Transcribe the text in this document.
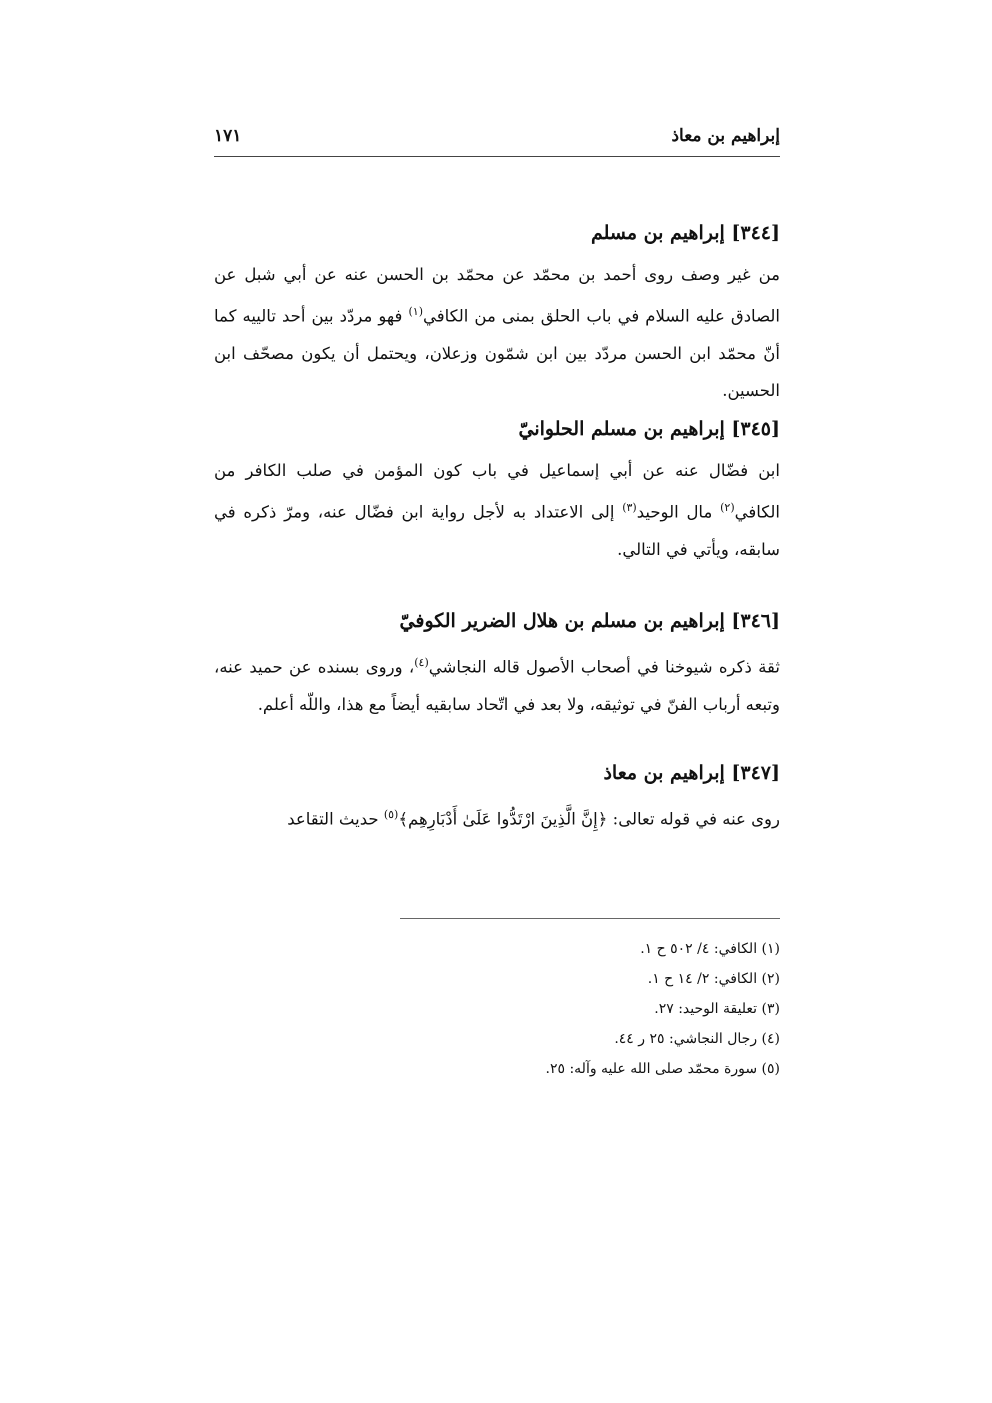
إبراهيم بن معاذ
١٧١

[٣٤٤] إبراهيم بن مسلم

من غير وصف روى أحمد بن محمّد عن محمّد بن الحسن عنه عن أبي شبل عن الصادق عليه السلام في باب الحلق بمنى من الكافي$^{(١)}$ فهو مردّد بين أحد تالييه كما أنّ محمّد ابن الحسن مردّد بين ابن شمّون وزعلان، ويحتمل أن يكون مصحّف ابن الحسين.

[٣٤٥] إبراهيم بن مسلم الحلوانيّ

ابن فضّال عنه عن أبي إسماعيل في باب كون المؤمن في صلب الكافر من الكافي$^{(٢)}$ مال الوحيد$^{(٣)}$ إلى الاعتداد به لأجل رواية ابن فضّال عنه، ومرّ ذكره في سابقه، ويأتي في التالي.

[٣٤٦] إبراهيم بن مسلم بن هلال الضرير الكوفيّ

ثقة ذكره شيوخنا في أصحاب الأصول قاله النجاشي$^{(٤)}$، وروى بسنده عن حميد عنه، وتبعه أرباب الفنّ في توثيقه، ولا بعد في اتّحاد سابقيه أيضاً مع هذا، واللّه أعلم.

[٣٤٧] إبراهيم بن معاذ

روى عنه في قوله تعالى: ﴿إِنَّ الَّذِينَ ارْتَدُّوا عَلَىٰ أَدْبَارِهِم﴾$^{(٥)}$ حديث التقاعد

(١) الكافي: ٤/ ٥٠٢ ح ١.

(٢) الكافي: ٢/ ١٤ ح ١.

(٣) تعليقة الوحيد: ٢٧.

(٤) رجال النجاشي: ٢٥ ر ٤٤.

(٥) سورة محمّد صلى الله عليه وآله: ٢٥.
